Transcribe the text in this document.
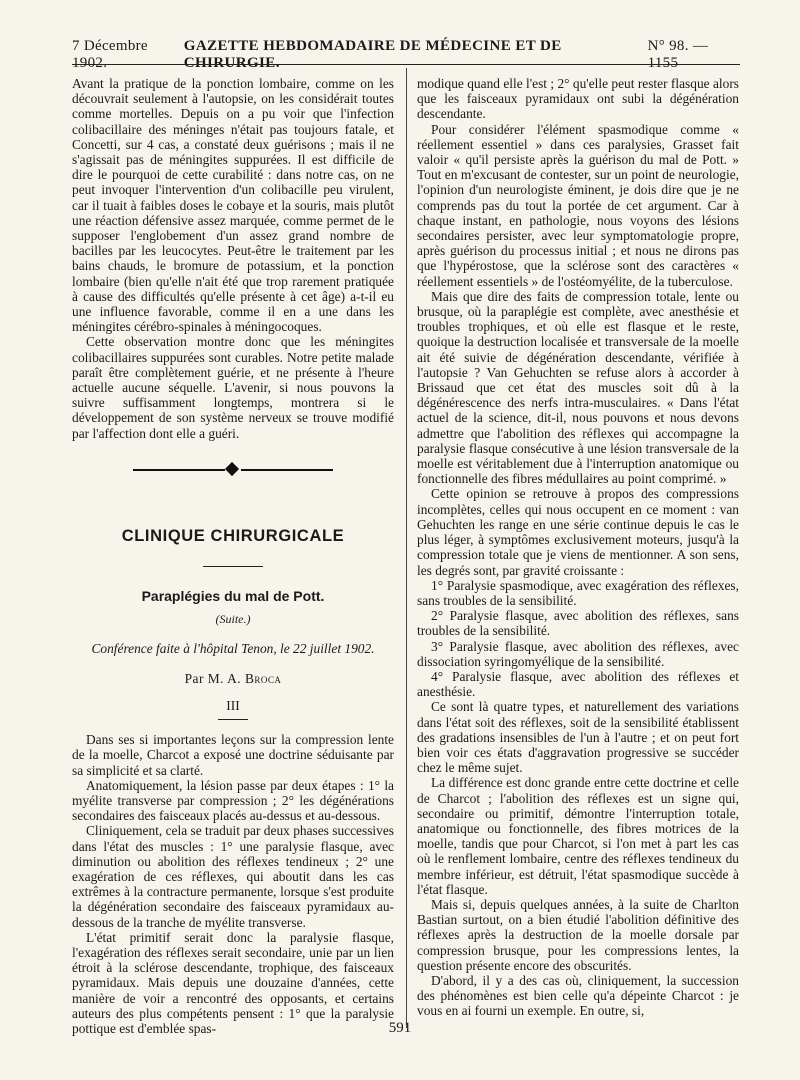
7 Décembre 1902.
GAZETTE HEBDOMADAIRE DE MÉDECINE ET DE CHIRURGIE.
N° 98. — 1155

Avant la pratique de la ponction lombaire, comme on les découvrait seulement à l'autopsie, on les considérait toutes comme mortelles. Depuis on a pu voir que l'infection colibacillaire des méninges n'était pas toujours fatale, et Concetti, sur 4 cas, a constaté deux guérisons ; mais il ne s'agissait pas de méningites suppurées. Il est difficile de dire le pourquoi de cette curabilité : dans notre cas, on ne peut invoquer l'intervention d'un colibacille peu virulent, car il tuait à faibles doses le cobaye et la souris, mais plutôt une réaction défensive assez marquée, comme permet de le supposer l'englobement d'un assez grand nombre de bacilles par les leucocytes. Peut-être le traitement par les bains chauds, le bromure de potassium, et la ponction lombaire (bien qu'elle n'ait été que trop rarement pratiquée à cause des difficultés qu'elle présente à cet âge) a-t-il eu une influence favorable, comme il en a une dans les méningites cérébro-spinales à méningocoques.

Cette observation montre donc que les méningites colibacillaires suppurées sont curables. Notre petite malade paraît être complètement guérie, et ne présente à l'heure actuelle aucune séquelle. L'avenir, si nous pouvons la suivre suffisamment longtemps, montrera si le développement de son système nerveux se trouve modifié par l'affection dont elle a guéri.

CLINIQUE CHIRURGICALE
Paraplégies du mal de Pott.
(Suite.)
Conférence faite à l'hôpital Tenon, le 22 juillet 1902.
Par M. A. Broca
III

Dans ses si importantes leçons sur la compression lente de la moelle, Charcot a exposé une doctrine séduisante par sa simplicité et sa clarté.

Anatomiquement, la lésion passe par deux étapes : 1° la myélite transverse par compression ; 2° les dégénérations secondaires des faisceaux placés au-dessus et au-dessous.

Cliniquement, cela se traduit par deux phases successives dans l'état des muscles : 1° une paralysie flasque, avec diminution ou abolition des réflexes tendineux ; 2° une exagération de ces réflexes, qui aboutit dans les cas extrêmes à la contracture permanente, lorsque s'est produite la dégénération secondaire des faisceaux pyramidaux au-dessous de la tranche de myélite transverse.

L'état primitif serait donc la paralysie flasque, l'exagération des réflexes serait secondaire, unie par un lien étroit à la sclérose descendante, trophique, des faisceaux pyramidaux. Mais depuis une douzaine d'années, cette manière de voir a rencontré des opposants, et certains auteurs des plus compétents pensent : 1° que la paralysie pottique est d'emblée spas-

modique quand elle l'est ; 2° qu'elle peut rester flasque alors que les faisceaux pyramidaux ont subi la dégénération descendante.

Pour considérer l'élément spasmodique comme « réellement essentiel » dans ces paralysies, Grasset fait valoir « qu'il persiste après la guérison du mal de Pott. » Tout en m'excusant de contester, sur un point de neurologie, l'opinion d'un neurologiste éminent, je dois dire que je ne comprends pas du tout la portée de cet argument. Car à chaque instant, en pathologie, nous voyons des lésions secondaires persister, avec leur symptomatologie propre, après guérison du processus initial ; et nous ne dirons pas que l'hypérostose, que la sclérose sont des caractères « réellement essentiels » de l'ostéomyélite, de la tuberculose.

Mais que dire des faits de compression totale, lente ou brusque, où la paraplégie est complète, avec anesthésie et troubles trophiques, et où elle est flasque et le reste, quoique la destruction localisée et transversale de la moelle ait été suivie de dégénération descendante, vérifiée à l'autopsie ? Van Gehuchten se refuse alors à accorder à Brissaud que cet état des muscles soit dû à la dégénérescence des nerfs intra-musculaires. « Dans l'état actuel de la science, dit-il, nous pouvons et nous devons admettre que l'abolition des réflexes qui accompagne la paralysie flasque consécutive à une lésion transversale de la moelle est véritablement due à l'interruption anatomique ou fonctionnelle des fibres médullaires au point comprimé. »

Cette opinion se retrouve à propos des compressions incomplètes, celles qui nous occupent en ce moment : van Gehuchten les range en une série continue depuis le cas le plus léger, à symptômes exclusivement moteurs, jusqu'à la compression totale que je viens de mentionner. A son sens, les degrés sont, par gravité croissante :

1° Paralysie spasmodique, avec exagération des réflexes, sans troubles de la sensibilité.

2° Paralysie flasque, avec abolition des réflexes, sans troubles de la sensibilité.

3° Paralysie flasque, avec abolition des réflexes, avec dissociation syringomyélique de la sensibilité.

4° Paralysie flasque, avec abolition des réflexes et anesthésie.

Ce sont là quatre types, et naturellement des variations dans l'état soit des réflexes, soit de la sensibilité établissent des gradations insensibles de l'un à l'autre ; et on peut fort bien voir ces états d'aggravation progressive se succéder chez le même sujet.

La différence est donc grande entre cette doctrine et celle de Charcot ; l'abolition des réflexes est un signe qui, secondaire ou primitif, démontre l'interruption totale, anatomique ou fonctionnelle, des fibres motrices de la moelle, tandis que pour Charcot, si l'on met à part les cas où le renflement lombaire, centre des réflexes tendineux du membre inférieur, est détruit, l'état spasmodique succède à l'état flasque.

Mais si, depuis quelques années, à la suite de Charlton Bastian surtout, on a bien étudié l'abolition définitive des réflexes après la destruction de la moelle dorsale par compression brusque, pour les compressions lentes, la question présente encore des obscurités.

D'abord, il y a des cas où, cliniquement, la succession des phénomènes est bien celle qu'a dépeinte Charcot : je vous en ai fourni un exemple. En outre, si,

591
